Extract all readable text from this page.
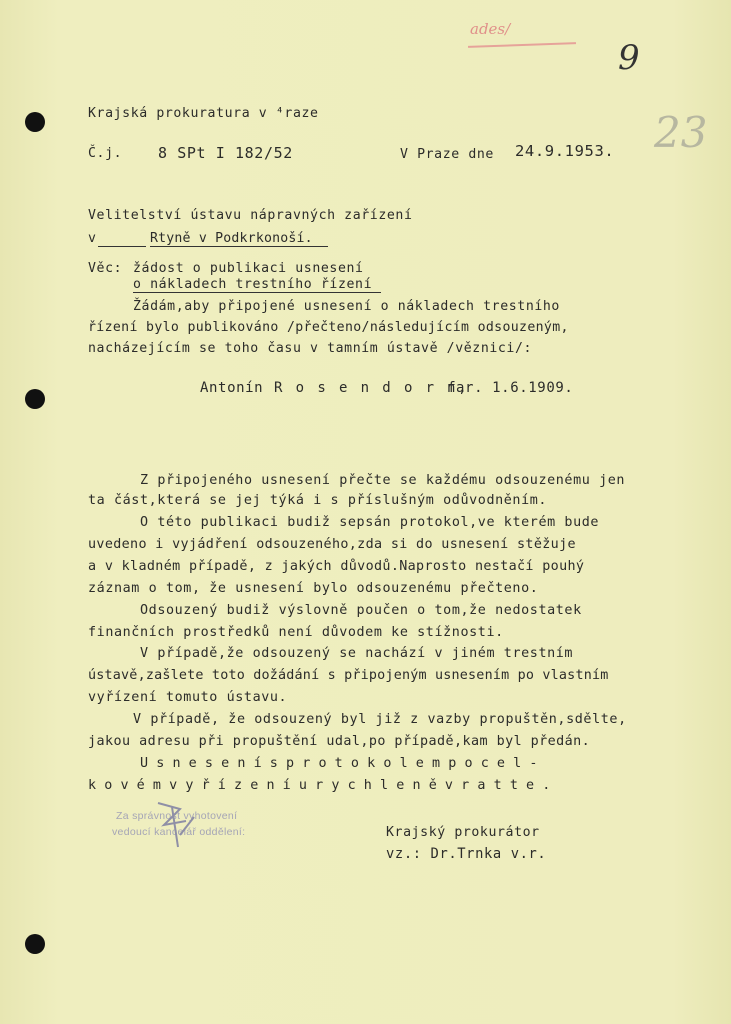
ades/
9
23
Krajská prokuratura v ⁴raze
Č.j. 8 SPt I 182/52	V Praze dne 24.9.1953.
Velitelství ústavu nápravných zařízení
v	Rtyně v Podkrkonoší.
Věc: žádost o publikaci usnesení
o nákladech trestního řízení
Žádám,aby připojené usnesení o nákladech trestního
řízení bylo publikováno /přečteno/následujícím odsouzeným,
nacházejícím se toho času v tamním ústavě /věznici/:
Antonín R o s e n d o r f,
nar. 1.6.1909.
Z připojeného usnesení přečte se každému odsouzenému jen
ta část,která se jej týká i s příslušným odůvodněním.
O této publikaci budiž sepsán protokol,ve kterém bude
uvedeno i vyjádření odsouzeného,zda si do usnesení stěžuje
a v kladném případě, z jakých důvodů.Naprosto nestačí pouhý
záznam o tom, že usnesení bylo odsouzenému přečteno.
Odsouzený budiž výslovně poučen o tom,že nedostatek
finančních prostředků není důvodem ke stížnosti.
V případě,že odsouzený se nachází v jiném trestním
ústavě,zašlete toto dožádání s připojeným usnesením po vlastním
vyřízení tomuto ústavu.
V případě, že odsouzený byl již z vazby propuštěn,sdělte,
jakou adresu při propuštění udal,po případě,kam byl předán.
U s n e s e n í s p r o t o k o l e m p o c e l -
k o v é m v y ř í z e n í u r y c h l e n ě v r a t t e .
Za správnost vyhotovení
vedoucí kancelář oddělení:	Krajský prokurátor
vz.: Dr.Trnka v.r.
